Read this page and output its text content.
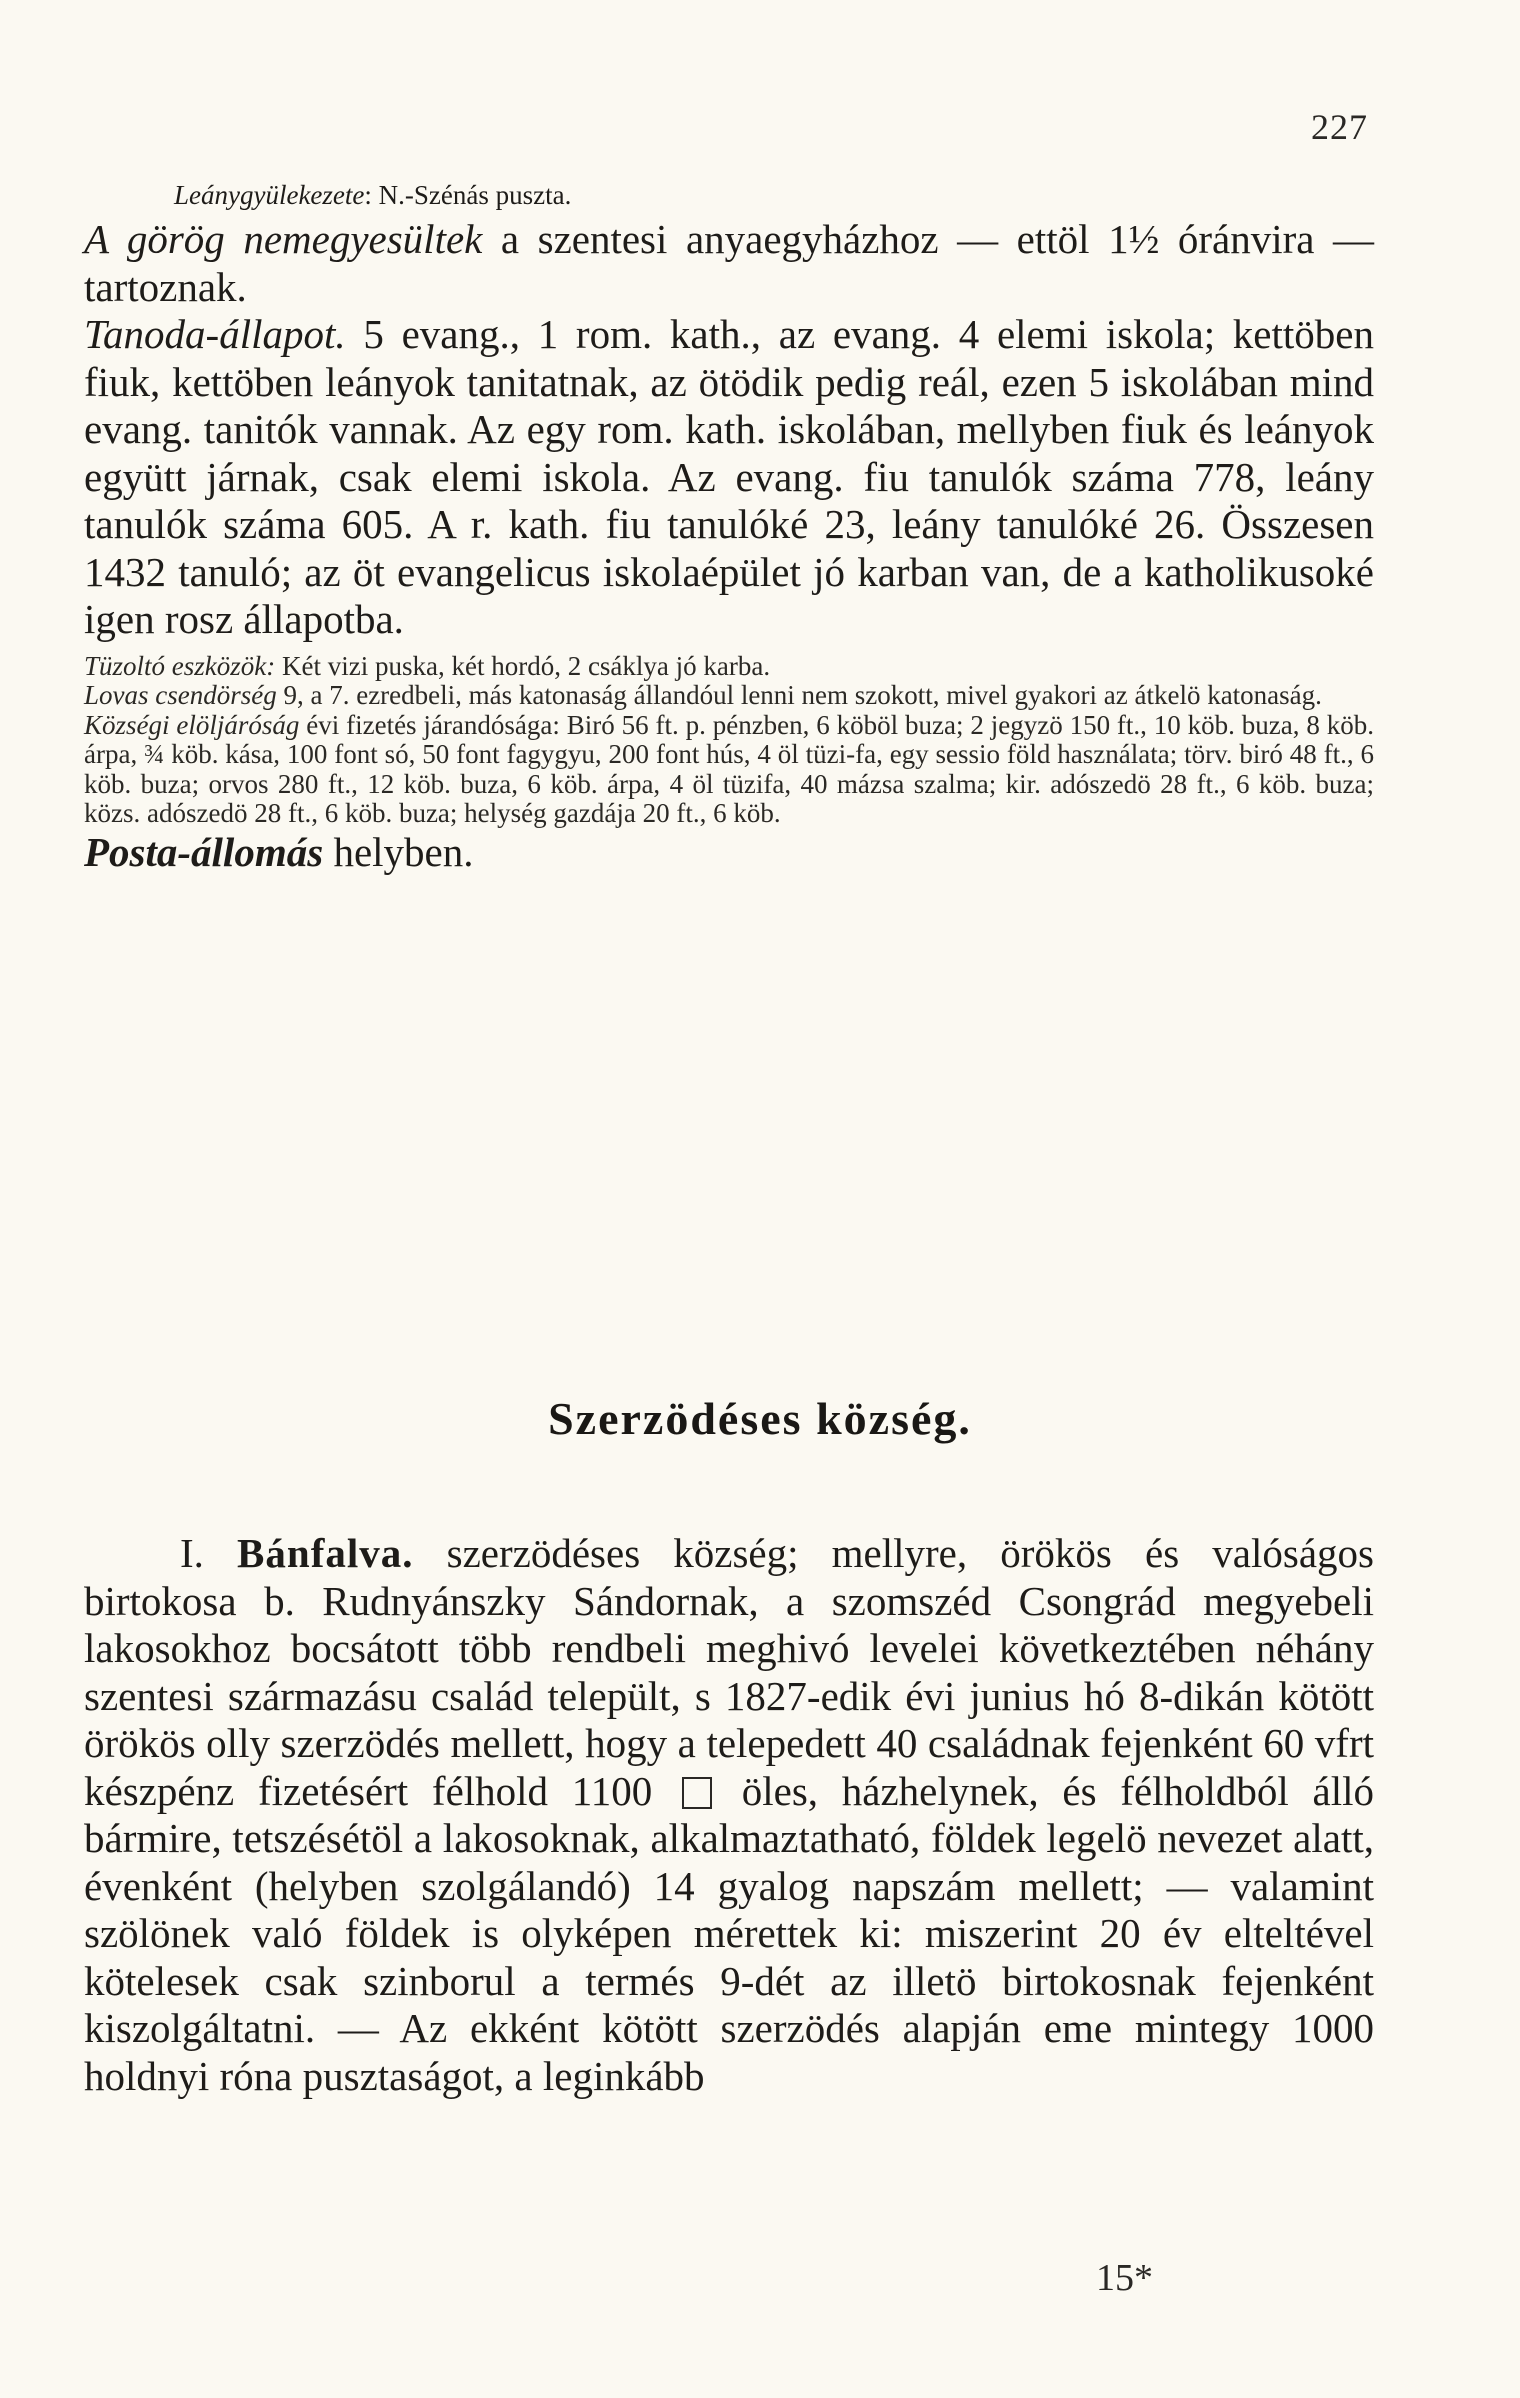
227

Leánygyülekezete: N.-Szénás puszta.

A görög nemegyesültek a szentesi anyaegyházhoz — ettöl 1½ óránvira — tartoznak.

Tanoda-állapot. 5 evang., 1 rom. kath., az evang. 4 elemi iskola; kettöben fiuk, kettöben leányok tanitatnak, az ötödik pedig reál, ezen 5 iskolában mind evang. tanitók vannak. Az egy rom. kath. iskolában, mellyben fiuk és leányok együtt járnak, csak elemi iskola. Az evang. fiu tanulók száma 778, leány tanulók száma 605. A r. kath. fiu tanulóké 23, leány tanulóké 26. Összesen 1432 tanuló; az öt evangelicus iskolaépület jó karban van, de a katholikusoké igen rosz állapotba.

Tüzoltó eszközök: Két vizi puska, két hordó, 2 csáklya jó karba.

Lovas csendörség 9, a 7. ezredbeli, más katonaság állandóul lenni nem szokott, mivel gyakori az átkelö katonaság.

Községi elöljáróság évi fizetés járandósága: Biró 56 ft. p. pénzben, 6 köböl buza; 2 jegyzö 150 ft., 10 köb. buza, 8 köb. árpa, ¾ köb. kása, 100 font só, 50 font fagygyu, 200 font hús, 4 öl tüzi-fa, egy sessio föld használata; törv. biró 48 ft., 6 köb. buza; orvos 280 ft., 12 köb. buza, 6 köb. árpa, 4 öl tüzifa, 40 mázsa szalma; kir. adószedö 28 ft., 6 köb. buza; közs. adószedö 28 ft., 6 köb. buza; helység gazdája 20 ft., 6 köb.

Posta-állomás helyben.

Szerzödéses község.

I. Bánfalva. szerzödéses község; mellyre, örökös és valóságos birtokosa b. Rudnyánszky Sándornak, a szomszéd Csongrád megyebeli lakosokhoz bocsátott több rendbeli meghivó levelei következtében néhány szentesi származásu család települt, s 1827-edik évi junius hó 8-dikán kötött örökös olly szerzödés mellett, hogy a telepedett 40 családnak fejenként 60 vfrt készpénz fizetésért félhold 1100 öles, házhelynek, és félholdból álló bármire, tetszésétöl a lakosoknak, alkalmaztatható, földek legelö nevezet alatt, évenként (helyben szolgálandó) 14 gyalog napszám mellett; — valamint szölönek való földek is olyképen mérettek ki: miszerint 20 év elteltével kötelesek csak szinborul a termés 9-dét az illetö birtokosnak fejenként kiszolgáltatni. — Az ekként kötött szerzödés alapján eme mintegy 1000 holdnyi róna pusztaságot, a leginkább

15*
